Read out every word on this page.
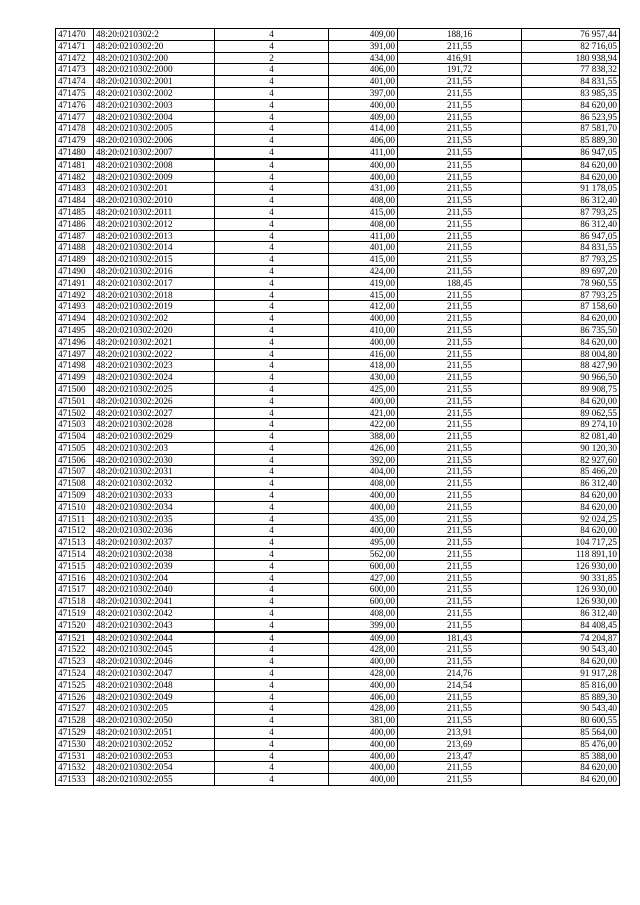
471470	48:20:0210302:2	4	409,00	188,16	76 957,44
471471	48:20:0210302:20	4	391,00	211,55	82 716,05
471472	48:20:0210302:200	2	434,00	416,91	180 938,94
471473	48:20:0210302:2000	4	406,00	191,72	77 838,32
471474	48:20:0210302:2001	4	401,00	211,55	84 831,55
471475	48:20:0210302:2002	4	397,00	211,55	83 985,35
471476	48:20:0210302:2003	4	400,00	211,55	84 620,00
471477	48:20:0210302:2004	4	409,00	211,55	86 523,95
471478	48:20:0210302:2005	4	414,00	211,55	87 581,70
471479	48:20:0210302:2006	4	406,00	211,55	85 889,30
471480	48:20:0210302:2007	4	411,00	211,55	86 947,05
471481	48:20:0210302:2008	4	400,00	211,55	84 620,00
471482	48:20:0210302:2009	4	400,00	211,55	84 620,00
471483	48:20:0210302:201	4	431,00	211,55	91 178,05
471484	48:20:0210302:2010	4	408,00	211,55	86 312,40
471485	48:20:0210302:2011	4	415,00	211,55	87 793,25
471486	48:20:0210302:2012	4	408,00	211,55	86 312,40
471487	48:20:0210302:2013	4	411,00	211,55	86 947,05
471488	48:20:0210302:2014	4	401,00	211,55	84 831,55
471489	48:20:0210302:2015	4	415,00	211,55	87 793,25
471490	48:20:0210302:2016	4	424,00	211,55	89 697,20
471491	48:20:0210302:2017	4	419,00	188,45	78 960,55
471492	48:20:0210302:2018	4	415,00	211,55	87 793,25
471493	48:20:0210302:2019	4	412,00	211,55	87 158,60
471494	48:20:0210302:202	4	400,00	211,55	84 620,00
471495	48:20:0210302:2020	4	410,00	211,55	86 735,50
471496	48:20:0210302:2021	4	400,00	211,55	84 620,00
471497	48:20:0210302:2022	4	416,00	211,55	88 004,80
471498	48:20:0210302:2023	4	418,00	211,55	88 427,90
471499	48:20:0210302:2024	4	430,00	211,55	90 966,50
471500	48:20:0210302:2025	4	425,00	211,55	89 908,75
471501	48:20:0210302:2026	4	400,00	211,55	84 620,00
471502	48:20:0210302:2027	4	421,00	211,55	89 062,55
471503	48:20:0210302:2028	4	422,00	211,55	89 274,10
471504	48:20:0210302:2029	4	388,00	211,55	82 081,40
471505	48:20:0210302:203	4	426,00	211,55	90 120,30
471506	48:20:0210302:2030	4	392,00	211,55	82 927,60
471507	48:20:0210302:2031	4	404,00	211,55	85 466,20
471508	48:20:0210302:2032	4	408,00	211,55	86 312,40
471509	48:20:0210302:2033	4	400,00	211,55	84 620,00
471510	48:20:0210302:2034	4	400,00	211,55	84 620,00
471511	48:20:0210302:2035	4	435,00	211,55	92 024,25
471512	48:20:0210302:2036	4	400,00	211,55	84 620,00
471513	48:20:0210302:2037	4	495,00	211,55	104 717,25
471514	48:20:0210302:2038	4	562,00	211,55	118 891,10
471515	48:20:0210302:2039	4	600,00	211,55	126 930,00
471516	48:20:0210302:204	4	427,00	211,55	90 331,85
471517	48:20:0210302:2040	4	600,00	211,55	126 930,00
471518	48:20:0210302:2041	4	600,00	211,55	126 930,00
471519	48:20:0210302:2042	4	408,00	211,55	86 312,40
471520	48:20:0210302:2043	4	399,00	211,55	84 408,45
471521	48:20:0210302:2044	4	409,00	181,43	74 204,87
471522	48:20:0210302:2045	4	428,00	211,55	90 543,40
471523	48:20:0210302:2046	4	400,00	211,55	84 620,00
471524	48:20:0210302:2047	4	428,00	214,76	91 917,28
471525	48:20:0210302:2048	4	400,00	214,54	85 816,00
471526	48:20:0210302:2049	4	406,00	211,55	85 889,30
471527	48:20:0210302:205	4	428,00	211,55	90 543,40
471528	48:20:0210302:2050	4	381,00	211,55	80 600,55
471529	48:20:0210302:2051	4	400,00	213,91	85 564,00
471530	48:20:0210302:2052	4	400,00	213,69	85 476,00
471531	48:20:0210302:2053	4	400,00	213,47	85 388,00
471532	48:20:0210302:2054	4	400,00	211,55	84 620,00
471533	48:20:0210302:2055	4	400,00	211,55	84 620,00
